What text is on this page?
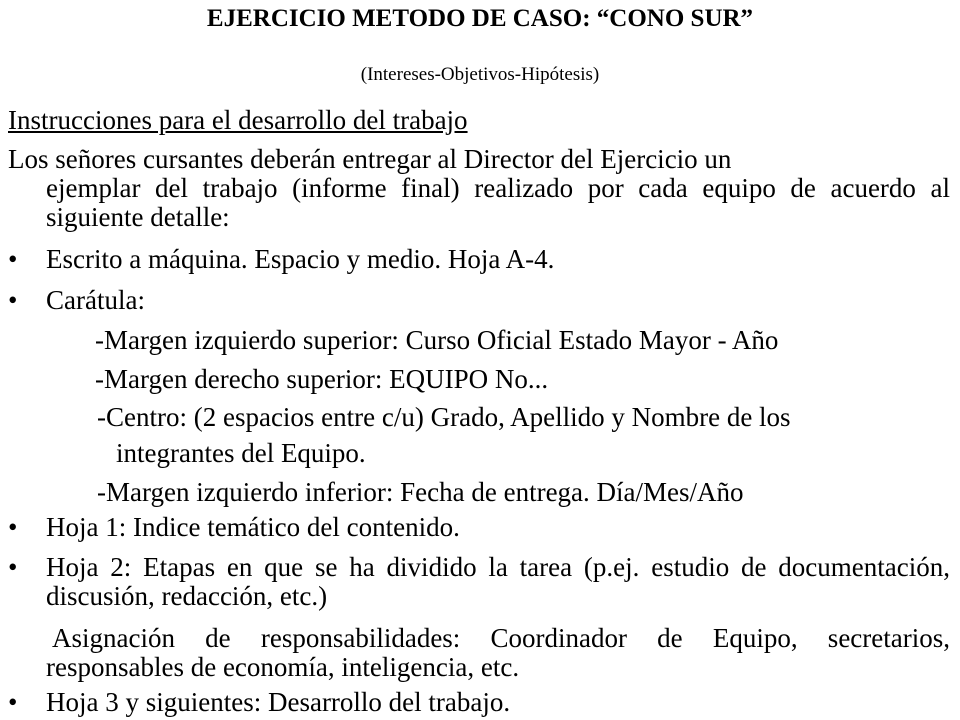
EJERCICIO METODO DE CASO: “CONO SUR”

(Intereses-Objetivos-Hipótesis)

Instrucciones para el desarrollo del trabajo

Los señores cursantes deberán entregar al Director del Ejercicio un
ejemplar del trabajo (informe final) realizado por cada equipo de acuerdo al siguiente detalle:
• Escrito a máquina. Espacio y medio. Hoja A-4.
• Carátula:
-Margen izquierdo superior: Curso Oficial Estado Mayor - Año
-Margen derecho superior: EQUIPO No...
-Centro: (2 espacios entre c/u) Grado, Apellido y Nombre de los
integrantes del Equipo.
-Margen izquierdo inferior: Fecha de entrega. Día/Mes/Año
• Hoja 1: Indice temático del contenido.
• Hoja 2: Etapas en que se ha dividido la tarea (p.ej. estudio de documentación, discusión, redacción, etc.)
Asignación de responsabilidades: Coordinador de Equipo, secretarios, responsables de economía, inteligencia, etc.
• Hoja 3 y siguientes: Desarrollo del trabajo.
